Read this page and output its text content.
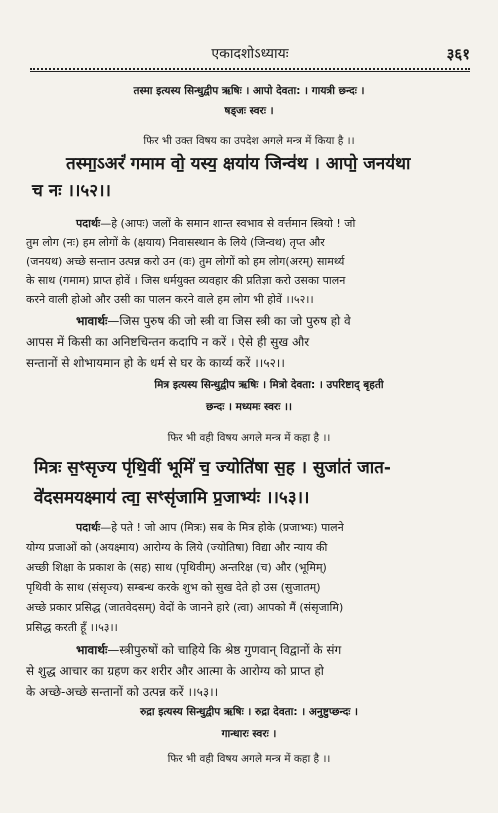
एकादशोऽध्यायः	३६१
तस्मा इत्यस्य सिन्धुद्वीप ऋषिः । आपो देवता: । गायत्री छन्दः ।
षड्जः स्वरः ।
फिर भी उक्त विषय का उपदेश अगले मन्त्र में किया है ।।
तस्मा॒ऽअरं॑ गमाम वो॒ यस्य॒ क्षया॑य जिन्व॑थ । आपो॒ जनय॑था
च नः ।।५२।।
पदार्थः—हे (आपः) जलों के समान शान्त स्वभाव से वर्त्तमान स्त्रियो ! जो
तुम लोग (नः) हम लोगों के (क्षयाय) निवासस्थान के लिये (जिन्वथ) तृप्त और
(जनयथ) अच्छे सन्तान उत्पन्न करो उन (वः) तुम लोगों को हम लोग(अरम्) सामर्थ्य
के साथ (गमाम) प्राप्त होवें । जिस धर्मयुक्त व्यवहार की प्रतिज्ञा करो उसका पालन
करने वाली होओ और उसी का पालन करने वाले हम लोग भी होवें ।।५२।।
भावार्थः—जिस पुरुष की जो स्त्री वा जिस स्त्री का जो पुरुष हो वे
आपस में किसी का अनिष्टचिन्तन कदापि न करें । ऐसे ही सुख और
सन्तानों से शोभायमान हो के धर्म से घर के कार्य्य करें ।।५२।।
मित्र इत्यस्य सिन्धुद्वीप ऋषिः । मित्रो देवता: । उपरिष्टाद् बृहती
छन्दः । मध्यमः स्वरः ।।
फिर भी वही विषय अगले मन्त्र में कहा है ।।
मित्रः स॒ꣳसृ॒ज्य पृ॑थि॒वीं भूमिं॑ च॒ ज्योति॑षा स॒ह । सुजा॑तं जात-
वे॑दसमयक्ष्माय॑ त्वा॒ सꣳसृ॑जामि प्र॒जाभ्यः॑ ।।५३।।
पदार्थः—हे पते ! जो आप (मित्रः) सब के मित्र होके (प्रजाभ्यः) पालने
योग्य प्रजाओं को (अयक्ष्माय) आरोग्य के लिये (ज्योतिषा) विद्या और न्याय की
अच्छी शिक्षा के प्रकाश के (सह) साथ (पृथिवीम्) अन्तरिक्ष (च) और (भूमिम्)
पृथिवी के साथ (संसृज्य) सम्बन्ध करके शुभ को सुख देते हो उस (सुजातम्)
अच्छे प्रकार प्रसिद्ध (जातवेदसम्) वेदों के जानने हारे (त्वा) आपको मैं (संसृजामि)
प्रसिद्ध करती हूँ ।।५३।।
भावार्थः—स्त्रीपुरुषों को चाहिये कि श्रेष्ठ गुणवान् विद्वानों के संग
से शुद्ध आचार का ग्रहण कर शरीर और आत्मा के आरोग्य को प्राप्त हो
के अच्छे-अच्छे सन्तानों को उत्पन्न करें ।।५३।।
रुद्रा इत्यस्य सिन्धुद्वीप ऋषिः । रुद्रा देवता: । अनुष्टुप्छन्दः ।
गान्धारः स्वरः ।
फिर भी वही विषय अगले मन्त्र में कहा है ।।
